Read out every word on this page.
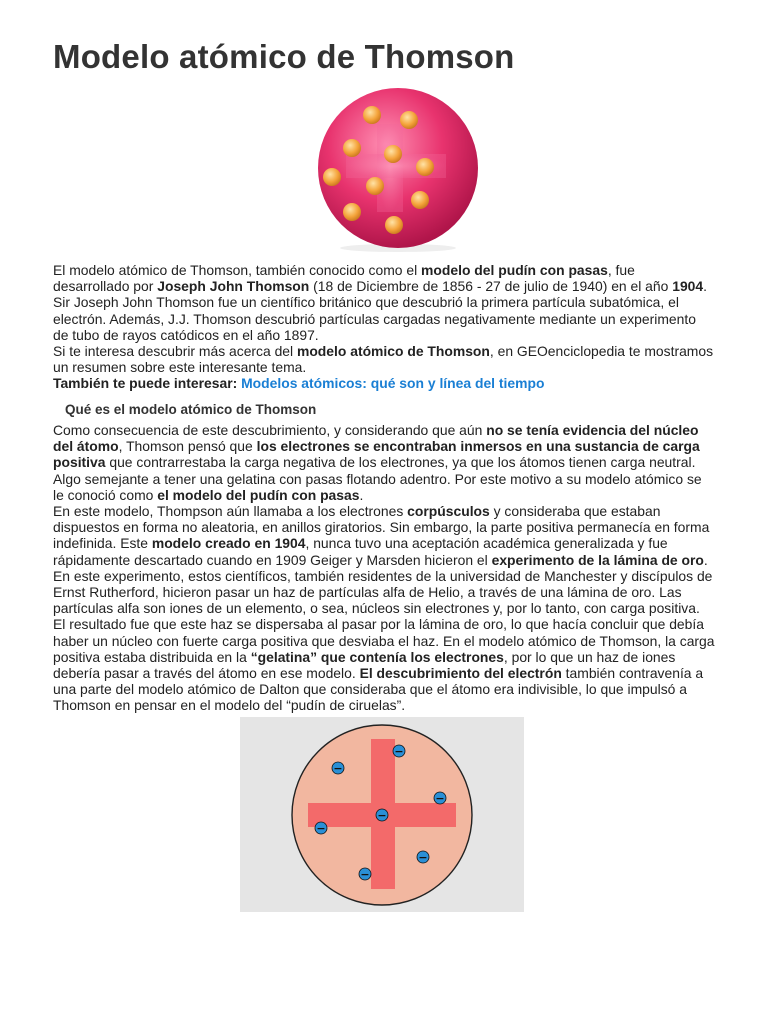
Modelo atómico de Thomson

El modelo atómico de Thomson, también conocido como el modelo del pudín con pasas, fue desarrollado por Joseph John Thomson (18 de Diciembre de 1856 - 27 de julio de 1940) en el año 1904.

Sir Joseph John Thomson fue un científico británico que descubrió la primera partícula subatómica, el electrón. Además, J.J. Thomson descubrió partículas cargadas negativamente mediante un experimento de tubo de rayos catódicos en el año 1897.

Si te interesa descubrir más acerca del modelo atómico de Thomson, en GEOenciclopedia te mostramos un resumen sobre este interesante tema.

También te puede interesar: Modelos atómicos: qué son y línea del tiempo

Qué es el modelo atómico de Thomson

Como consecuencia de este descubrimiento, y considerando que aún no se tenía evidencia del núcleo del átomo, Thomson pensó que los electrones se encontraban inmersos en una sustancia de carga positiva que contrarrestaba la carga negativa de los electrones, ya que los átomos tienen carga neutral.

Algo semejante a tener una gelatina con pasas flotando adentro. Por este motivo a su modelo atómico se le conoció como el modelo del pudín con pasas.

En este modelo, Thompson aún llamaba a los electrones corpúsculos y consideraba que estaban dispuestos en forma no aleatoria, en anillos giratorios. Sin embargo, la parte positiva permanecía en forma indefinida. Este modelo creado en 1904, nunca tuvo una aceptación académica generalizada y fue rápidamente descartado cuando en 1909 Geiger y Marsden hicieron el experimento de la lámina de oro.

En este experimento, estos científicos, también residentes de la universidad de Manchester y discípulos de Ernst Rutherford, hicieron pasar un haz de partículas alfa de Helio, a través de una lámina de oro. Las partículas alfa son iones de un elemento, o sea, núcleos sin electrones y, por lo tanto, con carga positiva.

El resultado fue que este haz se dispersaba al pasar por la lámina de oro, lo que hacía concluir que debía haber un núcleo con fuerte carga positiva que desviaba el haz. En el modelo atómico de Thomson, la carga positiva estaba distribuida en la “gelatina” que contenía los electrones, por lo que un haz de iones debería pasar a través del átomo en ese modelo. El descubrimiento del electrón también contravenía a una parte del modelo atómico de Dalton que consideraba que el átomo era indivisible, lo que impulsó a Thomson en pensar en el modelo del “pudín de ciruelas”.

−
−
−
−
−
−
−
